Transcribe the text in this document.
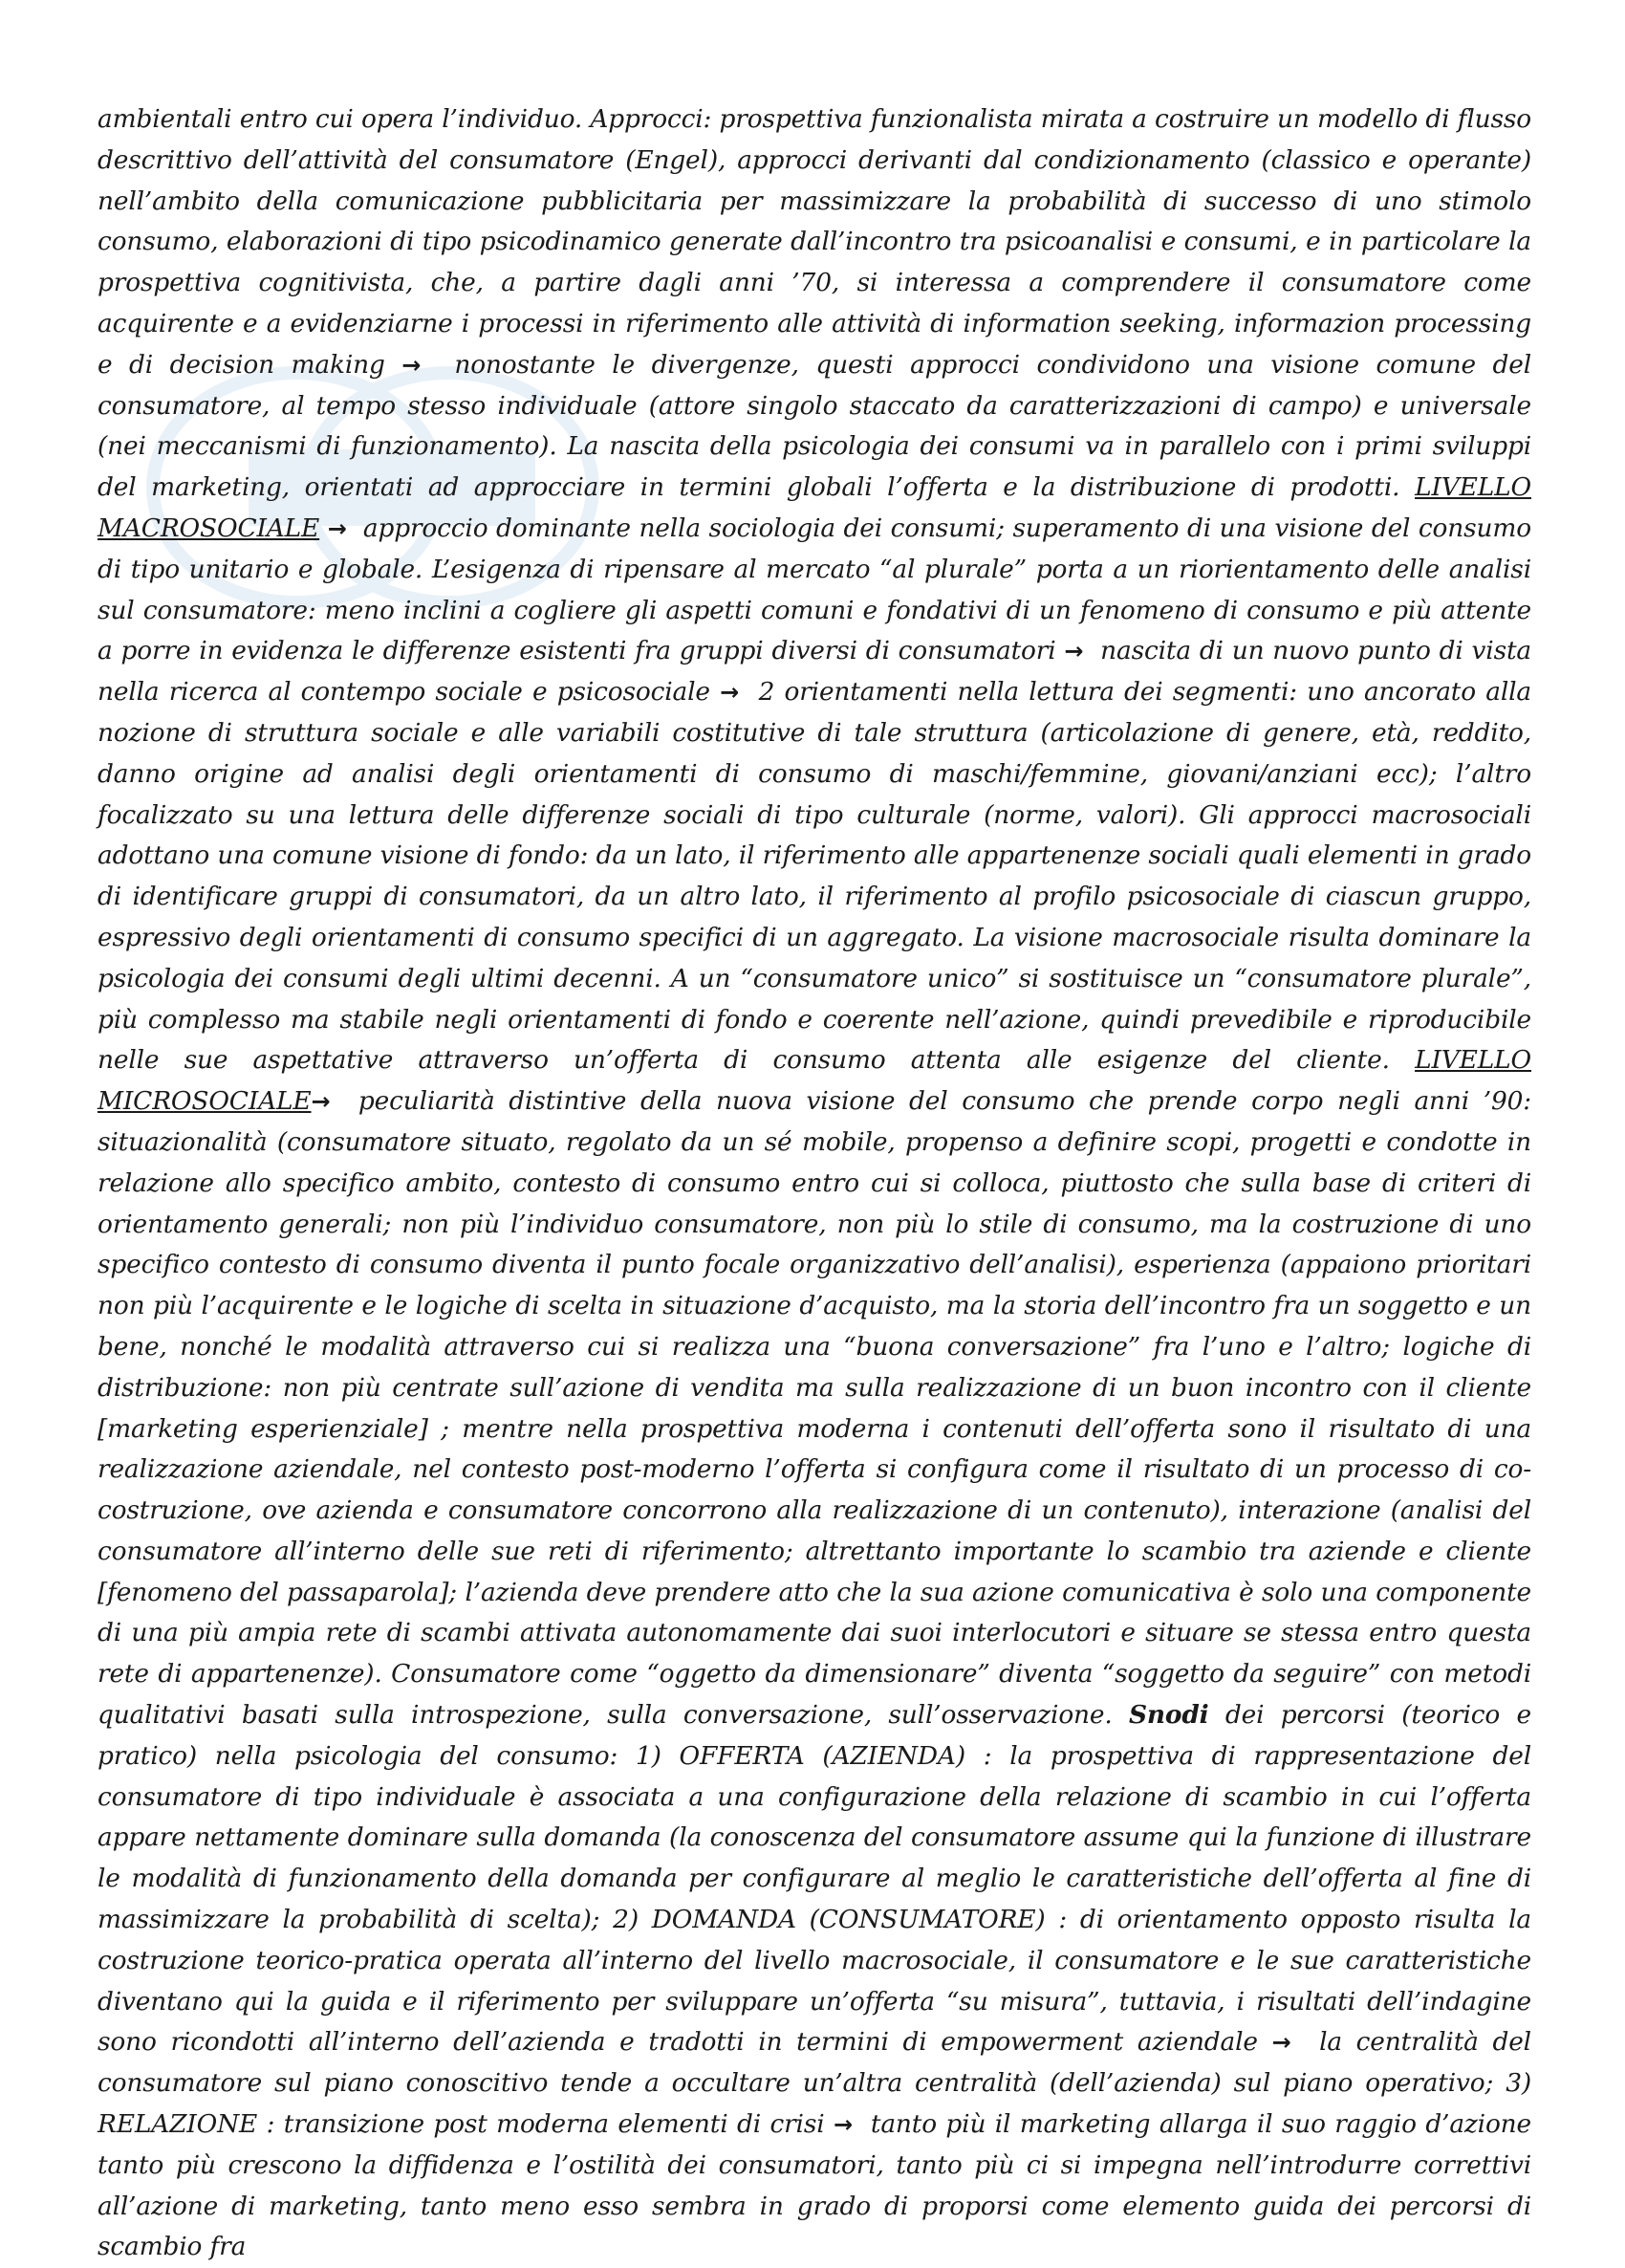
ambientali entro cui opera l’individuo. Approcci: prospettiva funzionalista mirata a costruire un modello di flusso descrittivo dell’attività del consumatore (Engel), approcci derivanti dal condizionamento (classico e operante) nell’ambito della comunicazione pubblicitaria per massimizzare la probabilità di successo di uno stimolo consumo, elaborazioni di tipo psicodinamico generate dall’incontro tra psicoanalisi e consumi, e in particolare la prospettiva cognitivista, che, a partire dagli anni ’70, si interessa a comprendere il consumatore come acquirente e a evidenziarne i processi in riferimento alle attività di information seeking, informazion processing e di decision making → nonostante le divergenze, questi approcci condividono una visione comune del consumatore, al tempo stesso individuale (attore singolo staccato da caratterizzazioni di campo) e universale (nei meccanismi di funzionamento). La nascita della psicologia dei consumi va in parallelo con i primi sviluppi del marketing, orientati ad approcciare in termini globali l’offerta e la distribuzione di prodotti. LIVELLO MACROSOCIALE → approccio dominante nella sociologia dei consumi; superamento di una visione del consumo di tipo unitario e globale. L’esigenza di ripensare al mercato “al plurale” porta a un riorientamento delle analisi sul consumatore: meno inclini a cogliere gli aspetti comuni e fondativi di un fenomeno di consumo e più attente a porre in evidenza le differenze esistenti fra gruppi diversi di consumatori → nascita di un nuovo punto di vista nella ricerca al contempo sociale e psicosociale → 2 orientamenti nella lettura dei segmenti: uno ancorato alla nozione di struttura sociale e alle variabili costitutive di tale struttura (articolazione di genere, età, reddito, danno origine ad analisi degli orientamenti di consumo di maschi/femmine, giovani/anziani ecc); l’altro focalizzato su una lettura delle differenze sociali di tipo culturale (norme, valori). Gli approcci macrosociali adottano una comune visione di fondo: da un lato, il riferimento alle appartenenze sociali quali elementi in grado di identificare gruppi di consumatori, da un altro lato, il riferimento al profilo psicosociale di ciascun gruppo, espressivo degli orientamenti di consumo specifici di un aggregato. La visione macrosociale risulta dominare la psicologia dei consumi degli ultimi decenni. A un “consumatore unico” si sostituisce un “consumatore plurale”, più complesso ma stabile negli orientamenti di fondo e coerente nell’azione, quindi prevedibile e riproducibile nelle sue aspettative attraverso un’offerta di consumo attenta alle esigenze del cliente. LIVELLO MICROSOCIALE→ peculiarità distintive della nuova visione del consumo che prende corpo negli anni ’90: situazionalità (consumatore situato, regolato da un sé mobile, propenso a definire scopi, progetti e condotte in relazione allo specifico ambito, contesto di consumo entro cui si colloca, piuttosto che sulla base di criteri di orientamento generali; non più l’individuo consumatore, non più lo stile di consumo, ma la costruzione di uno specifico contesto di consumo diventa il punto focale organizzativo dell’analisi), esperienza (appaiono prioritari non più l’acquirente e le logiche di scelta in situazione d’acquisto, ma la storia dell’incontro fra un soggetto e un bene, nonché le modalità attraverso cui si realizza una “buona conversazione” fra l’uno e l’altro; logiche di distribuzione: non più centrate sull’azione di vendita ma sulla realizzazione di un buon incontro con il cliente [marketing esperienziale] ; mentre nella prospettiva moderna i contenuti dell’offerta sono il risultato di una realizzazione aziendale, nel contesto post-moderno l’offerta si configura come il risultato di un processo di co-costruzione, ove azienda e consumatore concorrono alla realizzazione di un contenuto), interazione (analisi del consumatore all’interno delle sue reti di riferimento; altrettanto importante lo scambio tra aziende e cliente [fenomeno del passaparola]; l’azienda deve prendere atto che la sua azione comunicativa è solo una componente di una più ampia rete di scambi attivata autonomamente dai suoi interlocutori e situare se stessa entro questa rete di appartenenze). Consumatore come “oggetto da dimensionare” diventa “soggetto da seguire” con metodi qualitativi basati sulla introspezione, sulla conversazione, sull’osservazione. Snodi dei percorsi (teorico e pratico) nella psicologia del consumo: 1) OFFERTA (AZIENDA) : la prospettiva di rappresentazione del consumatore di tipo individuale è associata a una configurazione della relazione di scambio in cui l’offerta appare nettamente dominare sulla domanda (la conoscenza del consumatore assume qui la funzione di illustrare le modalità di funzionamento della domanda per configurare al meglio le caratteristiche dell’offerta al fine di massimizzare la probabilità di scelta); 2) DOMANDA (CONSUMATORE) : di orientamento opposto risulta la costruzione teorico-pratica operata all’interno del livello macrosociale, il consumatore e le sue caratteristiche diventano qui la guida e il riferimento per sviluppare un’offerta “su misura”, tuttavia, i risultati dell’indagine sono ricondotti all’interno dell’azienda e tradotti in termini di empowerment aziendale → la centralità del consumatore sul piano conoscitivo tende a occultare un’altra centralità (dell’azienda) sul piano operativo; 3) RELAZIONE : transizione post moderna elementi di crisi → tanto più il marketing allarga il suo raggio d’azione tanto più crescono la diffidenza e l’ostilità dei consumatori, tanto più ci si impegna nell’introdurre correttivi all’azione di marketing, tanto meno esso sembra in grado di proporsi come elemento guida dei percorsi di scambio fra
